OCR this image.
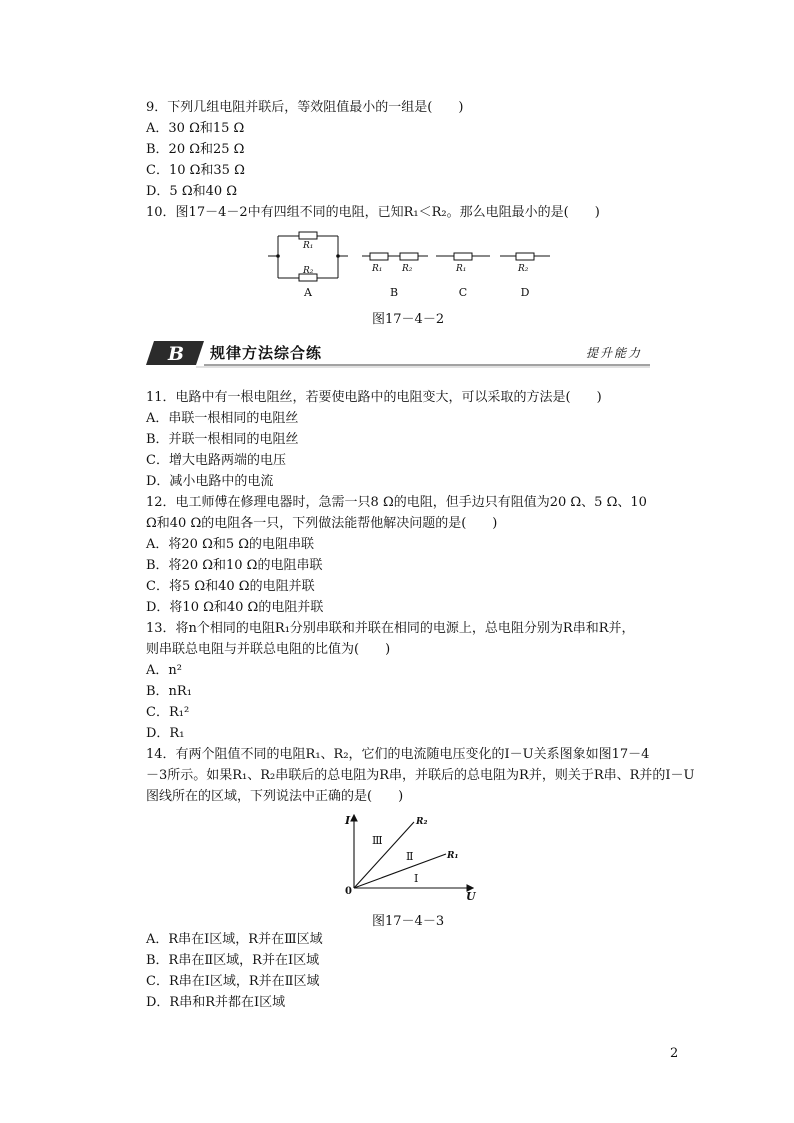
9．下列几组电阻并联后，等效阻值最小的一组是(　　)
A．30 Ω和15 Ω
B．20 Ω和25 Ω
C．10 Ω和35 Ω
D．5 Ω和40 Ω
10．图17－4－2中有四组不同的电阻，已知R₁＜R₂。那么电阻最小的是(　　)
R₁
R₂	R₁ R₂	R₁	R₂
A	B	C	D
图17－4－2
B 规律方法综合练	提升能力
11．电路中有一根电阻丝，若要使电路中的电阻变大，可以采取的方法是(　　)
A．串联一根相同的电阻丝
B．并联一根相同的电阻丝
C．增大电路两端的电压
D．减小电路中的电流
12．电工师傅在修理电器时，急需一只8 Ω的电阻，但手边只有阻值为20 Ω、5 Ω、10
Ω和40 Ω的电阻各一只，下列做法能帮他解决问题的是(　　)
A．将20 Ω和5 Ω的电阻串联
B．将20 Ω和10 Ω的电阻串联
C．将5 Ω和40 Ω的电阻并联
D．将10 Ω和40 Ω的电阻并联
13．将n个相同的电阻R₁分别串联和并联在相同的电源上，总电阻分别为R串和R并，
则串联总电阻与并联总电阻的比值为(　　)
A．n²
B．nR₁
C．R₁²
D．R₁
14．有两个阻值不同的电阻R₁、R₂，它们的电流随电压变化的I－U关系图象如图17－4
－3所示。如果R₁、R₂串联后的总电阻为R串，并联后的总电阻为R并，则关于R串、R并的I－U
图线所在的区域，下列说法中正确的是(　　)
I
U
0
R₂
R₁
Ⅲ
Ⅱ
Ⅰ
图17－4－3
A．R串在Ⅰ区域，R并在Ⅲ区域
B．R串在Ⅱ区域，R并在Ⅰ区域
C．R串在Ⅰ区域，R并在Ⅱ区域
D．R串和R并都在Ⅰ区域
2
